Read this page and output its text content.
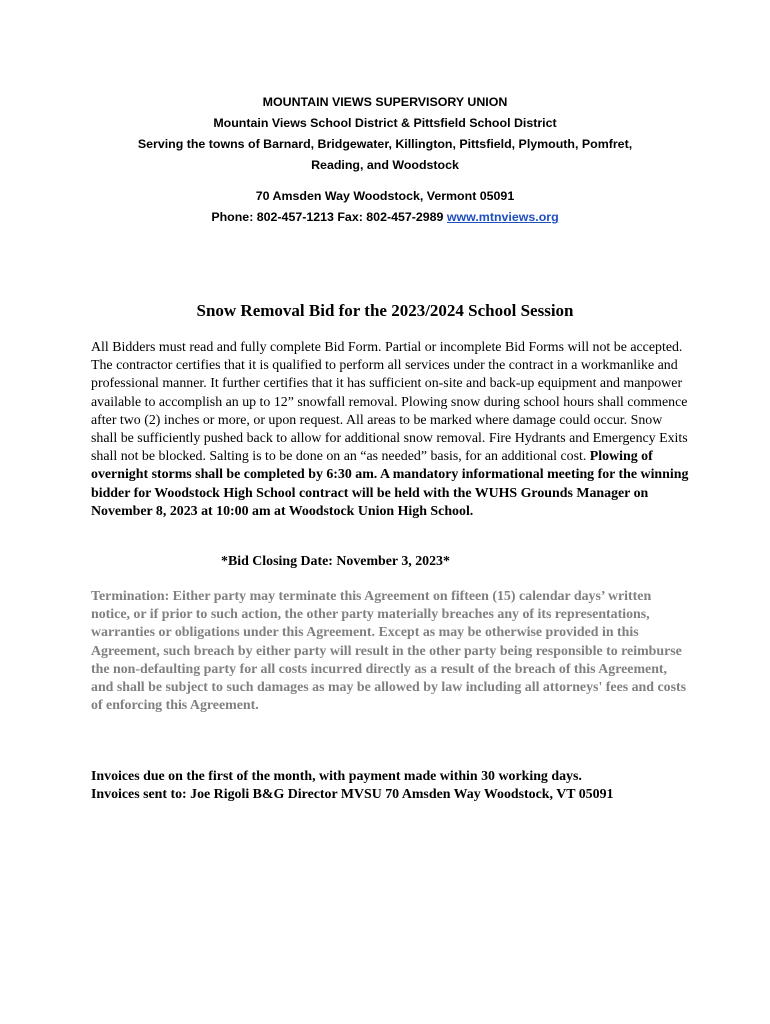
MOUNTAIN VIEWS SUPERVISORY UNION
Mountain Views School District & Pittsfield School District
Serving the towns of Barnard, Bridgewater, Killington, Pittsfield, Plymouth, Pomfret,
Reading, and Woodstock
70 Amsden Way Woodstock, Vermont 05091
Phone: 802-457-1213 Fax: 802-457-2989 www.mtnviews.org
Snow Removal Bid for the 2023/2024 School Session
All Bidders must read and fully complete Bid Form. Partial or incomplete Bid Forms will not be accepted. The contractor certifies that it is qualified to perform all services under the contract in a workmanlike and professional manner. It further certifies that it has sufficient on-site and back-up equipment and manpower available to accomplish an up to 12” snowfall removal. Plowing snow during school hours shall commence after two (2) inches or more, or upon request. All areas to be marked where damage could occur. Snow shall be sufficiently pushed back to allow for additional snow removal. Fire Hydrants and Emergency Exits shall not be blocked. Salting is to be done on an “as needed” basis, for an additional cost. Plowing of overnight storms shall be completed by 6:30 am. A mandatory informational meeting for the winning bidder for Woodstock High School contract will be held with the WUHS Grounds Manager on November 8, 2023 at 10:00 am at Woodstock Union High School.
*Bid Closing Date: November 3, 2023*
Termination: Either party may terminate this Agreement on fifteen (15) calendar days’ written notice, or if prior to such action, the other party materially breaches any of its representations, warranties or obligations under this Agreement. Except as may be otherwise provided in this Agreement, such breach by either party will result in the other party being responsible to reimburse the non-defaulting party for all costs incurred directly as a result of the breach of this Agreement, and shall be subject to such damages as may be allowed by law including all attorneys' fees and costs of enforcing this Agreement.
Invoices due on the first of the month, with payment made within 30 working days.
Invoices sent to: Joe Rigoli B&G Director MVSU 70 Amsden Way Woodstock, VT 05091
